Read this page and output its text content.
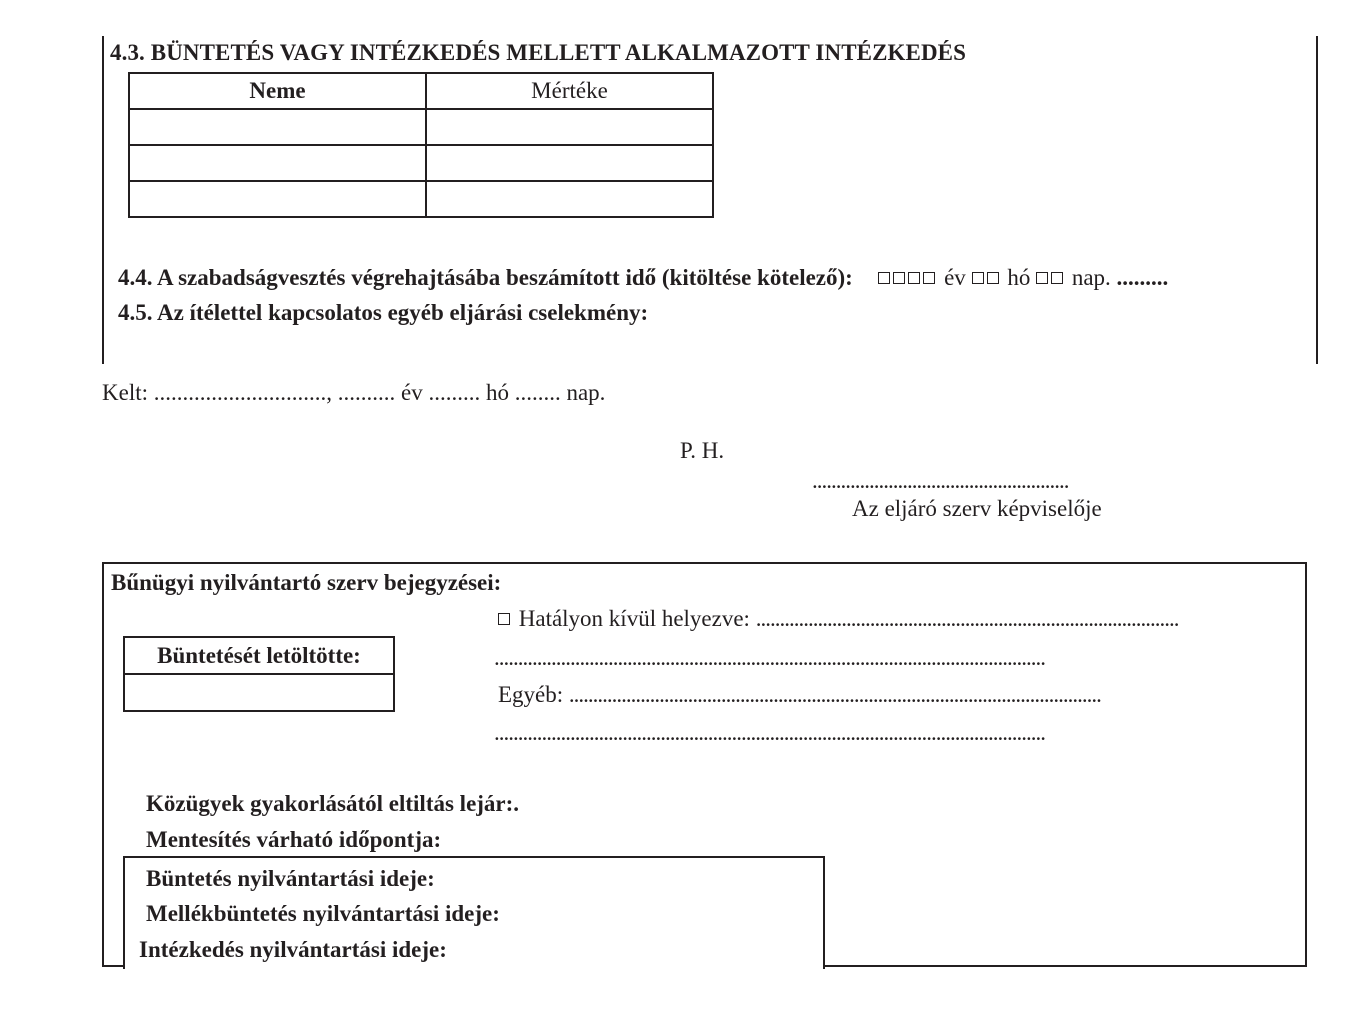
4.3. BÜNTETÉS VAGY INTÉZKEDÉS MELLETT ALKALMAZOTT INTÉZKEDÉS
Neme	Mértéke

4.4. A szabadságvesztés végrehajtásába beszámított idő (kitöltése kötelező):	év hó nap. .........
4.5. Az ítélettel kapcsolatos egyéb eljárási cselekmény:
Kelt: .............................., .......... év ......... hó ........ nap.
P. H.
......................................................
Az eljáró szerv képviselője
Bűnügyi nyilvántartó szerv bejegyzései:
Büntetését letöltötte:

Hatályon kívül helyezve: .........................................................................................
....................................................................................................................
Egyéb: ................................................................................................................
....................................................................................................................
Közügyek gyakorlásától eltiltás lejár:.
Mentesítés várható időpontja:
Büntetés nyilvántartási ideje:
Mellékbüntetés nyilvántartási ideje:
Intézkedés nyilvántartási ideje:
